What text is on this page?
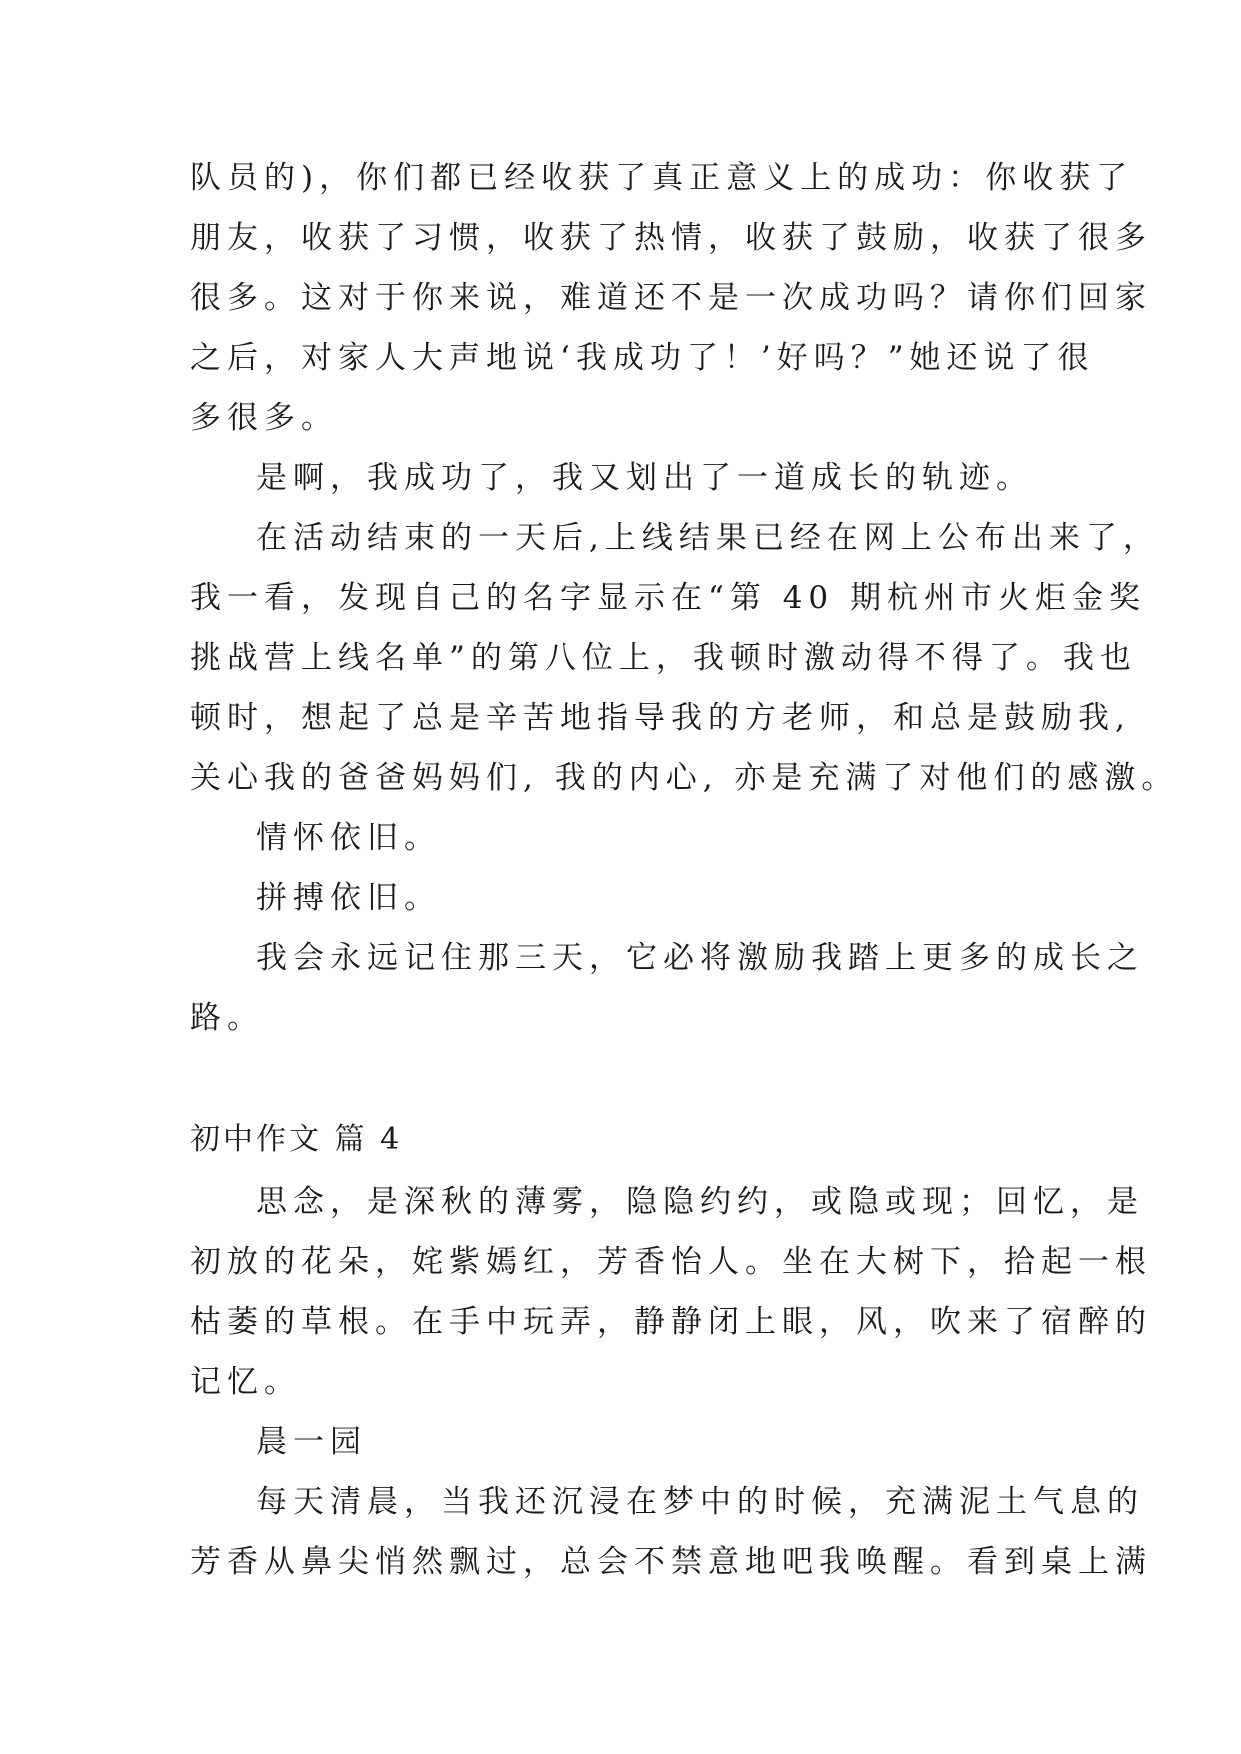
队员的)，你们都已经收获了真正意义上的成功：你收获了
朋友，收获了习惯，收获了热情，收获了鼓励，收获了很多
很多。这对于你来说，难道还不是一次成功吗？请你们回家
之后，对家人大声地说‘我成功了！’好吗？”她还说了很
多很多。
是啊，我成功了，我又划出了一道成长的轨迹。
在活动结束的一天后,上线结果已经在网上公布出来了，
我一看，发现自己的名字显示在“第 40 期杭州市火炬金奖
挑战营上线名单”的第八位上，我顿时激动得不得了。我也
顿时，想起了总是辛苦地指导我的方老师，和总是鼓励我,
关心我的爸爸妈妈们, 我的内心, 亦是充满了对他们的感激。
情怀依旧。
拼搏依旧。
我会永远记住那三天，它必将激励我踏上更多的成长之
路。
初中作文 篇 4
思念，是深秋的薄雾，隐隐约约，或隐或现；回忆，是
初放的花朵，姹紫嫣红，芳香怡人。坐在大树下，拾起一根
枯萎的草根。在手中玩弄，静静闭上眼，风，吹来了宿醉的
记忆。
晨一园
每天清晨，当我还沉浸在梦中的时候，充满泥土气息的
芳香从鼻尖悄然飘过，总会不禁意地吧我唤醒。看到桌上满
